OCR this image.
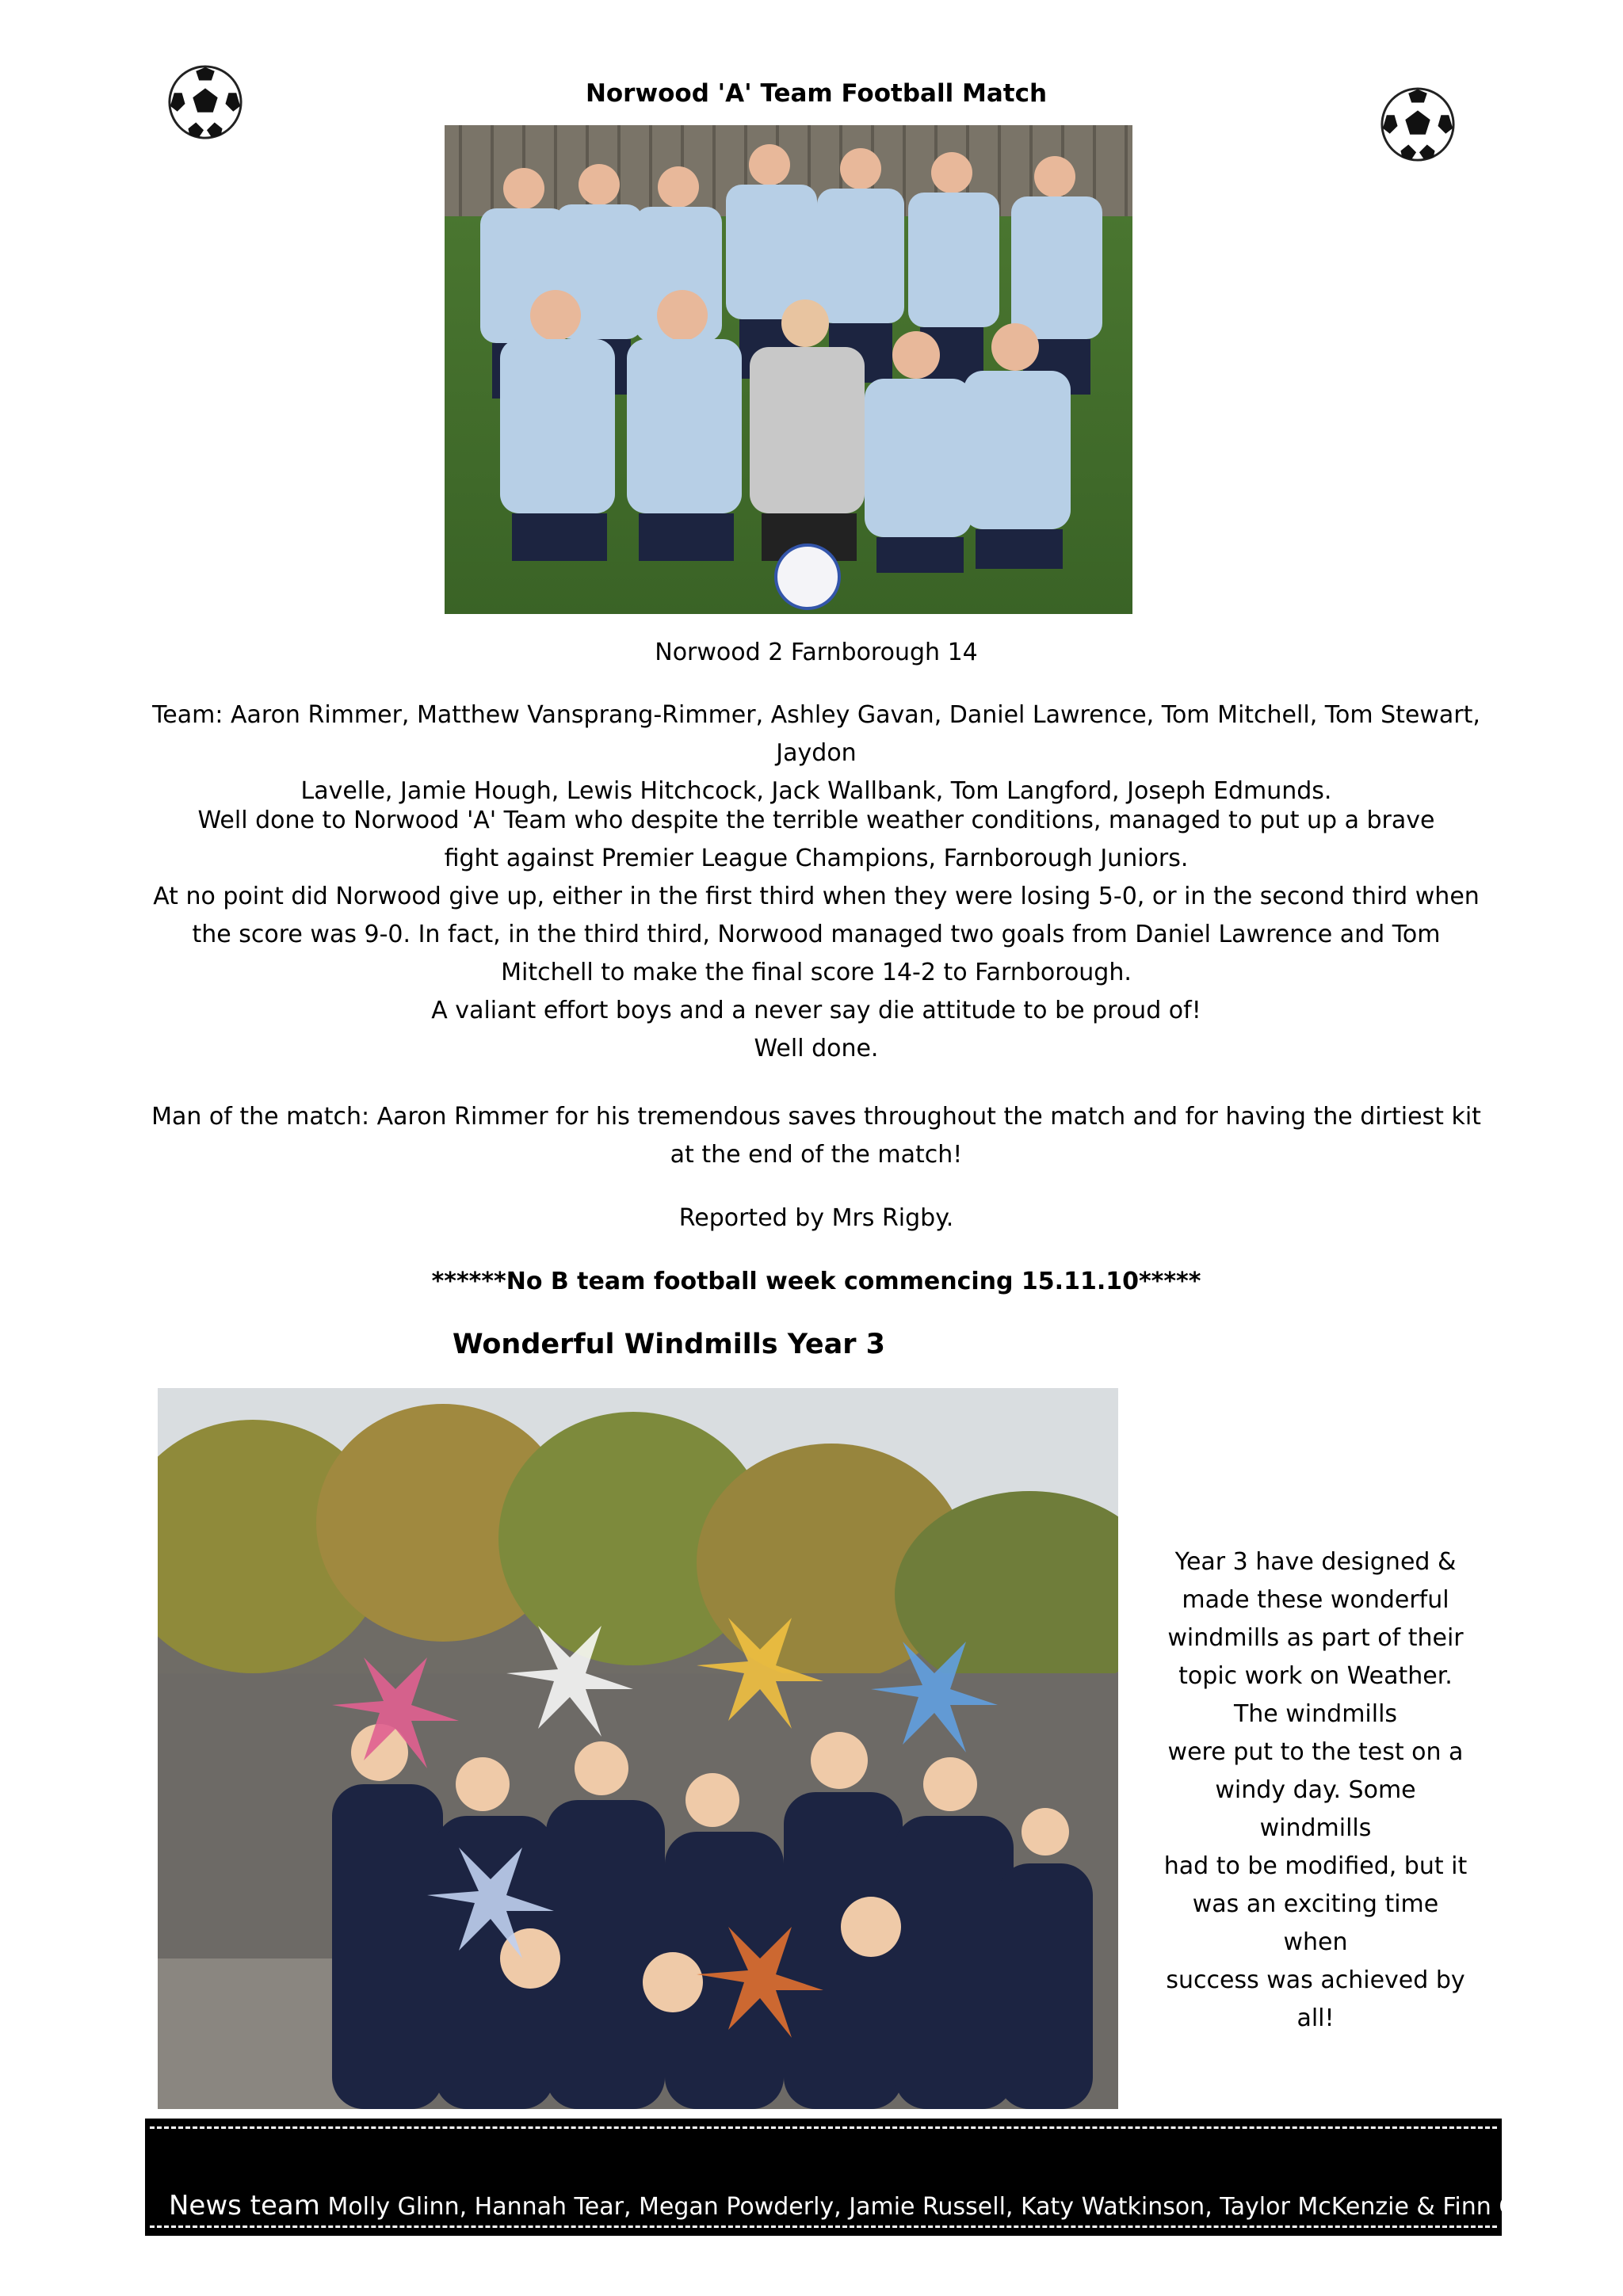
Norwood 'A' Team Football Match
Norwood 2 Farnborough 14

Team: Aaron Rimmer, Matthew Vansprang-Rimmer, Ashley Gavan, Daniel Lawrence, Tom Mitchell, Tom Stewart, Jaydon

Lavelle, Jamie Hough, Lewis Hitchcock, Jack Wallbank, Tom Langford, Joseph Edmunds.

Well done to Norwood 'A' Team who despite the terrible weather conditions, managed to put up a brave fight against Premier League Champions, Farnborough Juniors.

At no point did Norwood give up, either in the first third when they were losing 5-0, or in the second third when the score was 9-0. In fact, in the third third, Norwood managed two goals from Daniel Lawrence and Tom Mitchell to make the final score 14-2 to Farnborough.

A valiant effort boys and a never say die attitude to be proud of!

Well done.

Man of the match: Aaron Rimmer for his tremendous saves throughout the match and for having the dirtiest kit at the end of the match!
Reported by Mrs Rigby.
******No B team football week commencing 15.11.10*****
Wonderful Windmills Year 3
Year 3 have designed &
made these wonderful
windmills as part of their
topic work on Weather.
The windmills
were put to the test on a
windy day. Some windmills
had to be modified, but it
was an exciting time when
success was achieved by
all!
News team Molly Glinn, Hannah Tear, Megan Powderly, Jamie Russell, Katy Watkinson, Taylor McKenzie & Finn Cromack
